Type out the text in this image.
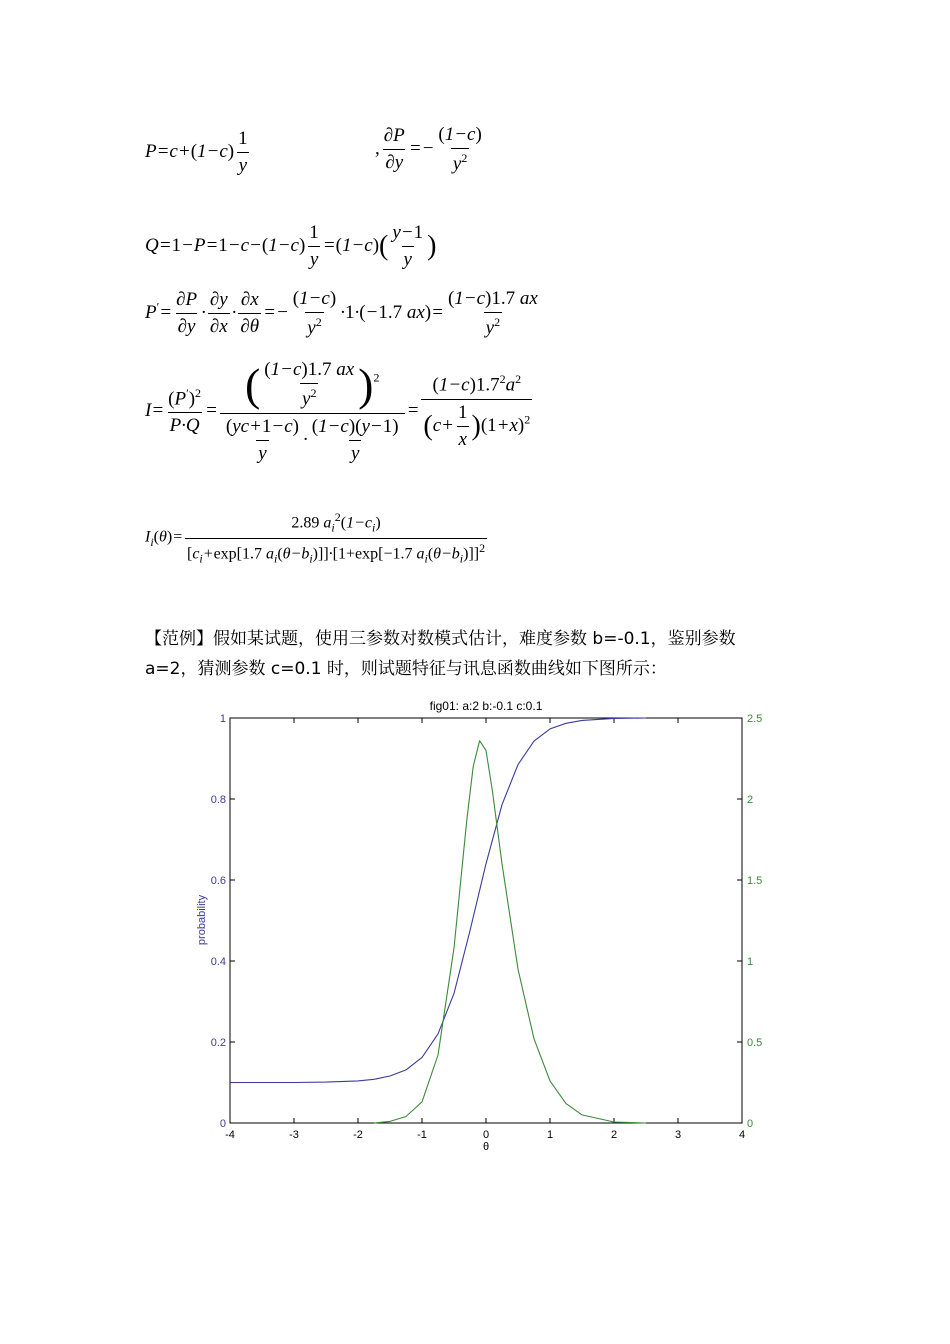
$P=c+(1-c) \frac{1}{y}$	, $\frac{\partial P}{\partial y} =- \frac{(1-c)}{y^2}$
$Q=1-P=1-c-(1-c) \frac{1}{y} =(1-c)( \frac{y-1}{y}$ )
$P'= \frac{\partial P}{\partial y} \cdot \frac{\partial y}{\partial x} \cdot \frac{\partial x}{\partial\theta} =- \frac{(1-c)}{y^2} \cdot 1\cdot(-1.7$ $ax)= \frac{(1-c)1.7 ax}{y^2}$
$I= \frac{(P')^2}{P\cdot Q} = \frac{( \frac{(1-c)1.7 ax}{y^2} )^2}{\frac{(yc+1-c)}{y} \cdot \frac{(1-c)(y-1)}{y}} = \frac{(1-c)1.7^2a^2}{(c+ \frac{1}{x} )(1+x)^2}$
$I_i(\theta)= \frac{2.89 a_i^2(1-c_i)}{[c_i+\exp[1.7 a_i(\theta-b_i)]]\cdot[1+\exp[-1.7 a_i(\theta-b_i)]]^2}$
【范例】假如某试题，使用三参数对数模式估计，难度参数 b=-0.1，鉴别参数
a=2，猜测参数 c=0.1 时，则试题特征与讯息函数曲线如下图所示：
fig01: a:2 b:-0.1 c:0.1
-4	-3	-2	-1	0	1	2	3	4
0
0.2
0.4
0.6
0.8
1
0
0.5
1
1.5
2
2.5
θ
probability
